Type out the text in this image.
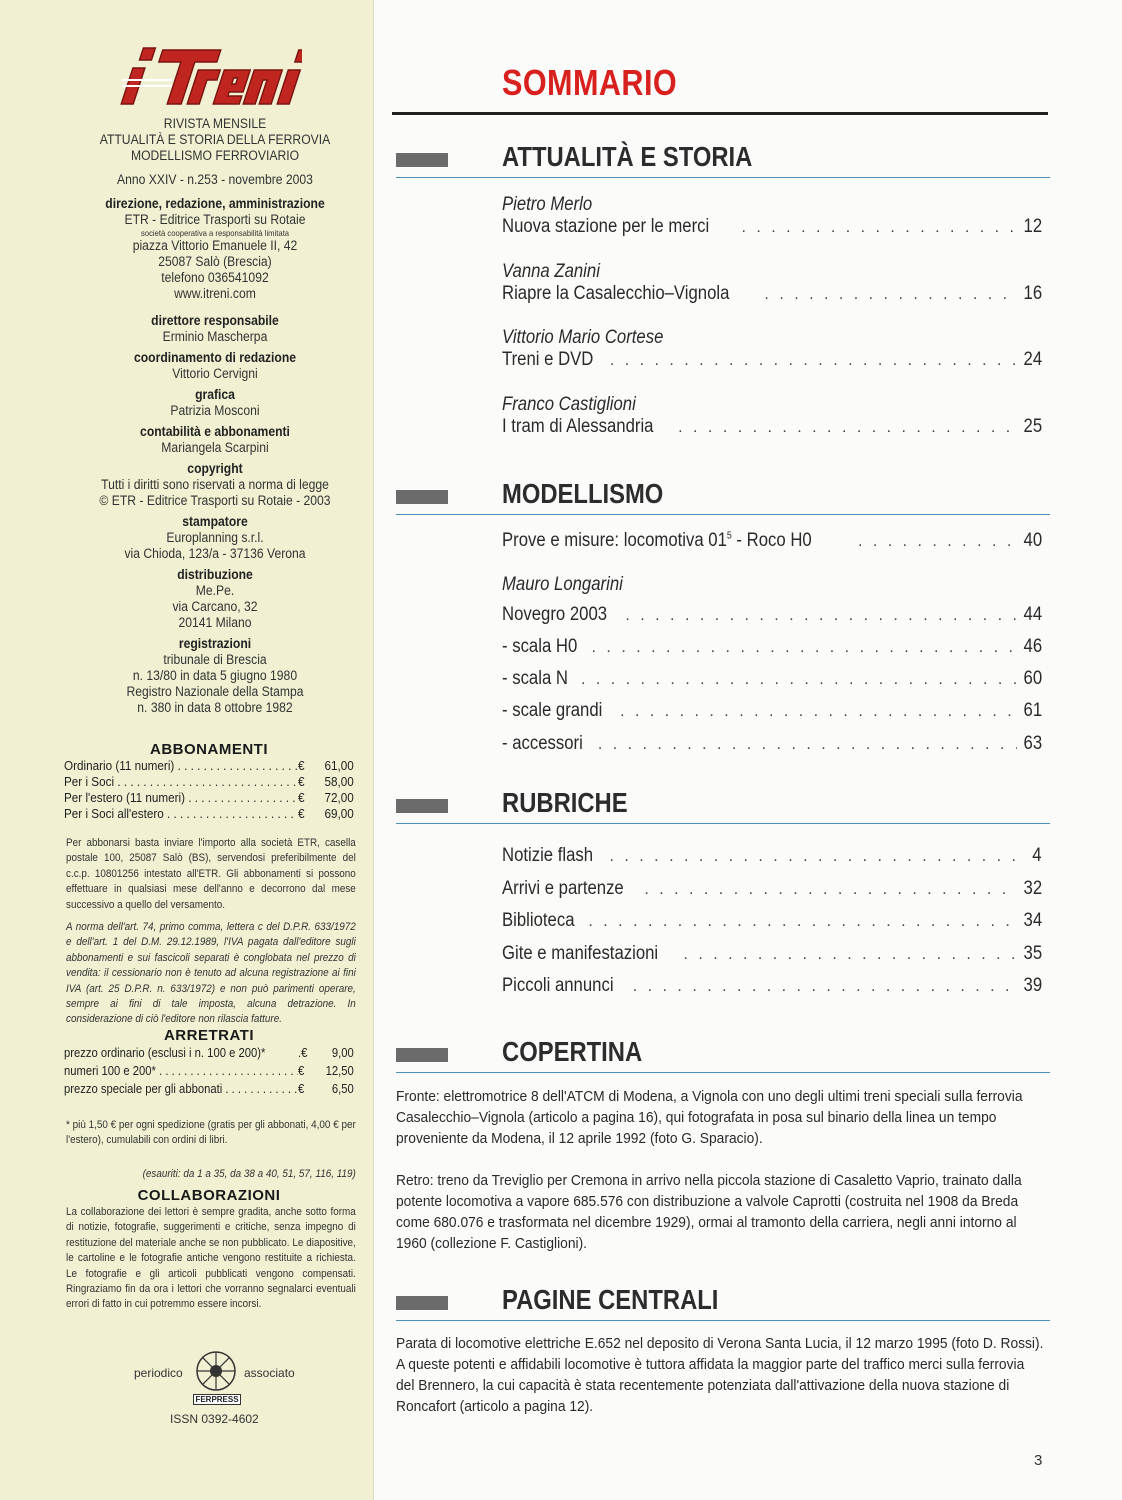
RIVISTA MENSILE
ATTUALITÀ E STORIA DELLA FERROVIA
MODELLISMO FERROVIARIO
Anno XXIV - n.253 - novembre 2003
direzione, redazione, amministrazione
ETR - Editrice Trasporti su Rotaie
società cooperativa a responsabilità limitata
piazza Vittorio Emanuele II, 42
25087 Salò (Brescia)
telefono 036541092
www.itreni.com
direttore responsabile
Erminio Mascherpa
coordinamento di redazione
Vittorio Cervigni
grafica
Patrizia Mosconi
contabilità e abbonamenti
Mariangela Scarpini
copyright
Tutti i diritti sono riservati a norma di legge
© ETR - Editrice Trasporti su Rotaie - 2003
stampatore
Europlanning s.r.l.
via Chioda, 123/a - 37136 Verona
distribuzione
Me.Pe.
via Carcano, 32
20141 Milano
registrazioni
tribunale di Brescia
n. 13/80 in data 5 giugno 1980
Registro Nazionale della Stampa
n. 380 in data 8 ottobre 1982
ABBONAMENTI
Ordinario (11 numeri) . . .	€	61,00
Per i Soci . . .	€	58,00
Per l'estero (11 numeri) . . .	€	72,00
Per i Soci all'estero . . .	€	69,00
Per abbonarsi basta inviare l'importo alla società ETR, casella postale 100, 25087 Salò (BS), servendosi preferibilmente del c.c.p. 10801256 intestato all'ETR. Gli abbonamenti si possono effettuare in qualsiasi mese dell'anno e decorrono dal mese successivo a quello del versamento.
A norma dell'art. 74, primo comma, lettera c del D.P.R. 633/1972 e dell'art. 1 del D.M. 29.12.1989, l'IVA pagata dall'editore sugli abbonamenti e sui fascicoli separati è conglobata nel prezzo di vendita: il cessionario non è tenuto ad alcuna registrazione ai fini IVA (art. 25 D.P.R. n. 633/1972) e non può parimenti operare, sempre ai fini di tale imposta, alcuna detrazione. In considerazione di ciò l'editore non rilascia fatture.
ARRETRATI
prezzo ordinario (esclusi i n. 100 e 200)*	.€	9,00
numeri 100 e 200* . . .	€	12,50
prezzo speciale per gli abbonati . . .	€	6,50
* più 1,50 € per ogni spedizione (gratis per gli abbonati, 4,00 € per l'estero), cumulabili con ordini di libri.
(esauriti: da 1 a 35, da 38 a 40, 51, 57, 116, 119)
COLLABORAZIONI
La collaborazione dei lettori è sempre gradita, anche sotto forma di notizie, fotografie, suggerimenti e critiche, senza impegno di restituzione del materiale anche se non pubblicato. Le diapositive, le cartoline e le fotografie antiche vengono restituite a richiesta. Le fotografie e gli articoli pubblicati vengono compensati. Ringraziamo fin da ora i lettori che vorranno segnalarci eventuali errori di fatto in cui potremmo essere incorsi.
periodico
FERPRESS
associato
ISSN 0392-4602
SOMMARIO
ATTUALITÀ E STORIA
Pietro Merlo
Nuova stazione per le merci . . .	12
Vanna Zanini
Riapre la Casalecchio–Vignola . . .	16
Vittorio Mario Cortese
Treni e DVD . . .	24
Franco Castiglioni
I tram di Alessandria . . .	25
MODELLISMO
Prove e misure: locomotiva $01^5$ - Roco H0 . . .	40
Mauro Longarini
Novegro 2003 . . .	44
- scala H0 . . .	46
- scala N . . .	60
- scale grandi . . .	61
- accessori . . .	63
RUBRICHE
Notizie flash . . .	4
Arrivi e partenze . . .	32
Biblioteca . . .	34
Gite e manifestazioni . . .	35
Piccoli annunci . . .	39
COPERTINA
Fronte: elettromotrice 8 dell'ATCM di Modena, a Vignola con uno degli ultimi treni speciali sulla ferrovia Casalecchio–Vignola (articolo a pagina 16), qui fotografata in posa sul binario della linea un tempo proveniente da Modena, il 12 aprile 1992 (foto G. Sparacio).
Retro: treno da Treviglio per Cremona in arrivo nella piccola stazione di Casaletto Vaprio, trainato dalla potente locomotiva a vapore 685.576 con distribuzione a valvole Caprotti (costruita nel 1908 da Breda come 680.076 e trasformata nel dicembre 1929), ormai al tramonto della carriera, negli anni intorno al 1960 (collezione F. Castiglioni).
PAGINE CENTRALI
Parata di locomotive elettriche E.652 nel deposito di Verona Santa Lucia, il 12 marzo 1995 (foto D. Rossi). A queste potenti e affidabili locomotive è tuttora affidata la maggior parte del traffico merci sulla ferrovia del Brennero, la cui capacità è stata recentemente potenziata dall'attivazione della nuova stazione di Roncafort (articolo a pagina 12).
3
